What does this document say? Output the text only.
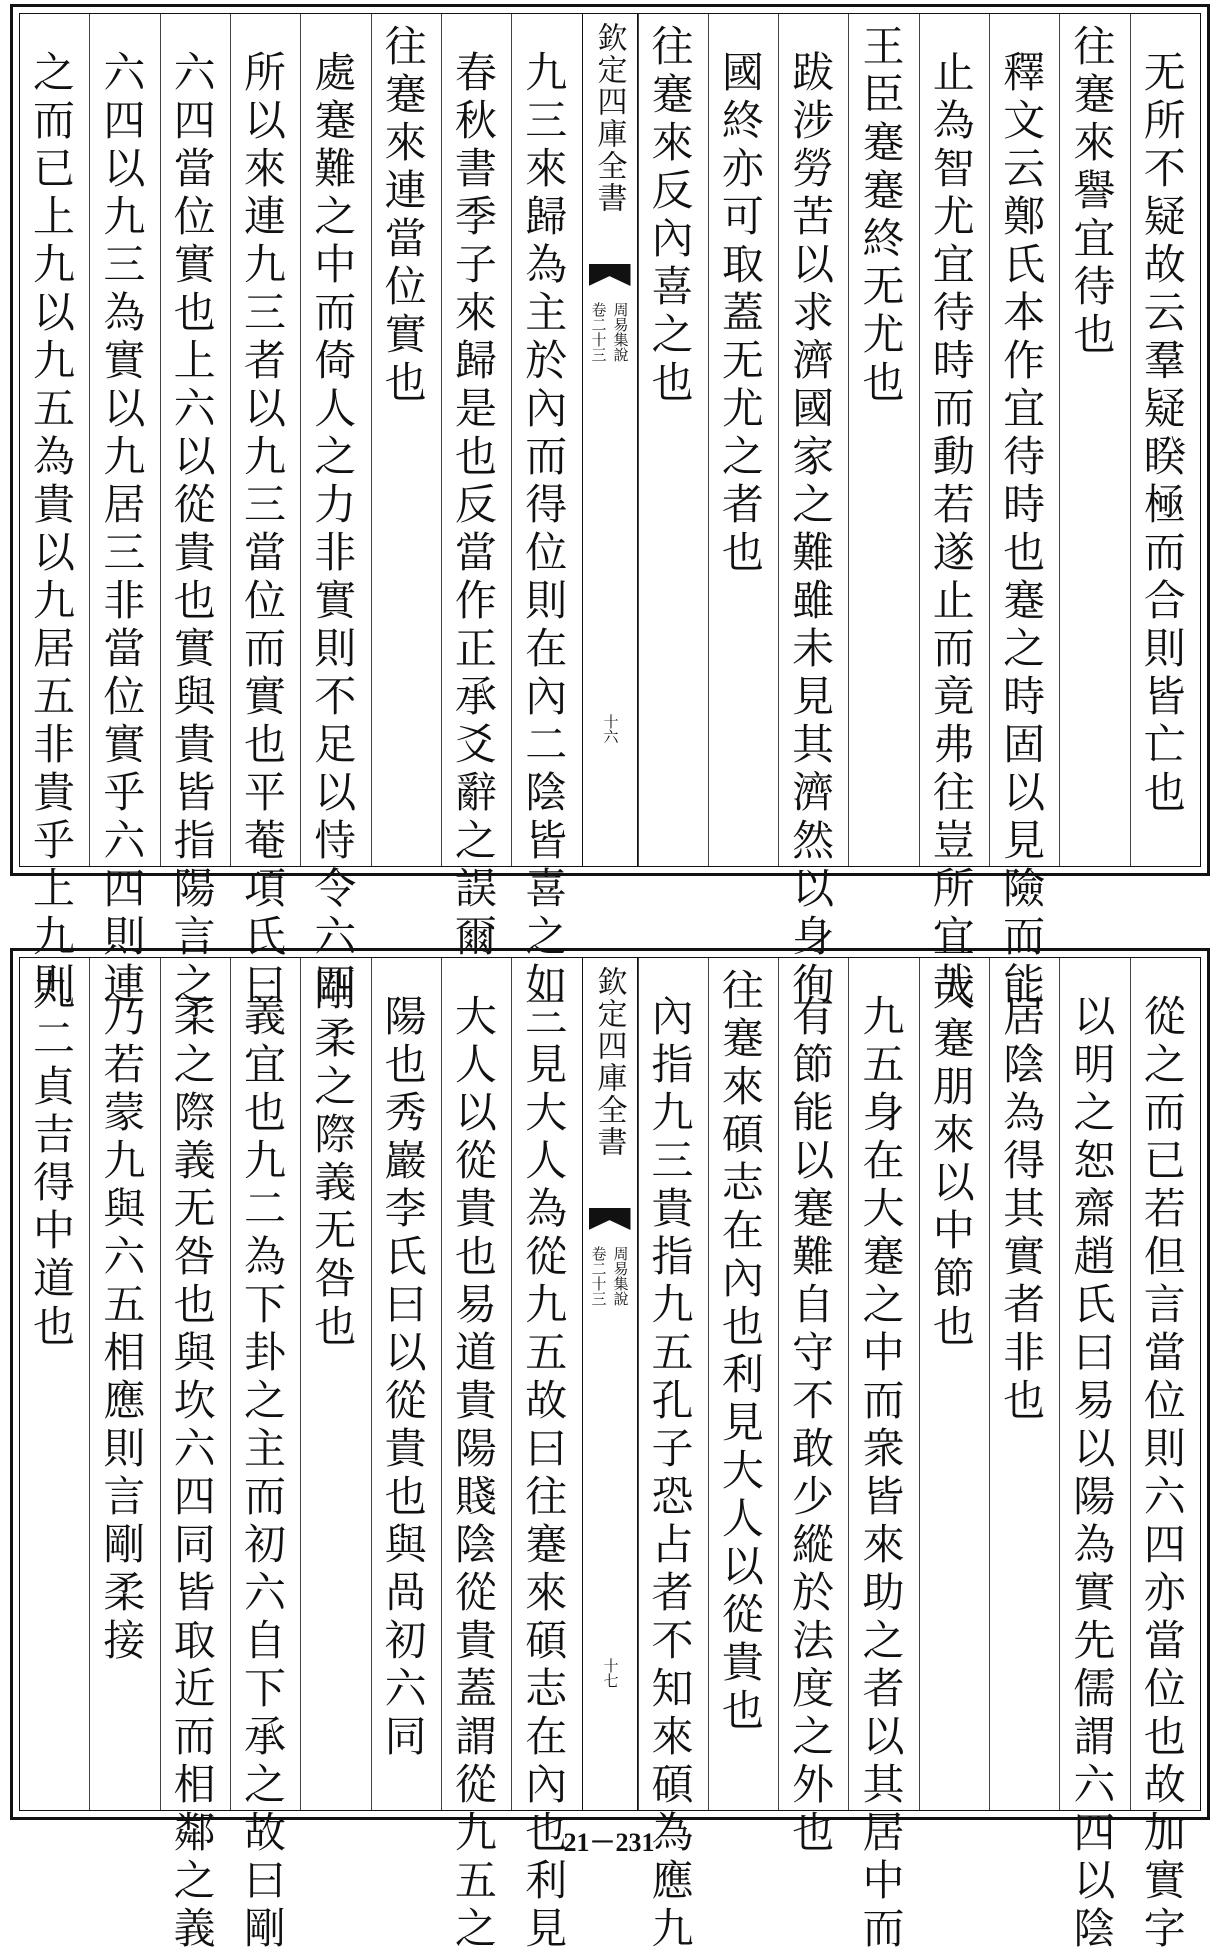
无所不疑故云羣疑睽極而合則皆亡也
往蹇來譽宜待也
釋文云鄭氏本作宜待時也蹇之時固以見險而能
止為智尤宜待時而動若遂止而竟弗往豈所宜哉
王臣蹇蹇終无尤也
跋涉勞苦以求濟國家之難雖未見其濟然以身徇
國終亦可取蓋无尤之者也
往蹇來反內喜之也
欽定四庫全書
周易集說
卷二十三
十六
九三來歸為主於內而得位則在內二陰皆喜之如
春秋書季子來歸是也反當作正承爻辭之誤爾
往蹇來連當位實也
處蹇難之中而倚人之力非實則不足以恃令六四
所以來連九三者以九三當位而實也平菴項氏曰
六四當位實也上六以從貴也實與貴皆指陽言之
六四以九三為實以九居三非當位實乎六四則連
之而已上九以九五為貴以九居五非貴乎上九則
從之而已若但言當位則六四亦當位也故加實字
以明之恕齋趙氏曰易以陽為實先儒謂六四以陰
居陰為得其實者非也
大蹇朋來以中節也
九五身在大蹇之中而衆皆來助之者以其居中而
有節能以蹇難自守不敢少縱於法度之外也
往蹇來碩志在內也利見大人以從貴也
內指九三貴指九五孔子恐占者不知來碩為應九
欽定四庫全書
周易集說
卷二十三
十七
三見大人為從九五故曰往蹇來碩志在內也利見
大人以從貴也易道貴陽賤陰從貴蓋謂從九五之
陽也秀巖李氏曰以從貴也與咼初六同
剛柔之際義无咎也
義宜也九二為下卦之主而初六自下承之故曰剛
柔之際義无咎也與坎六四同皆取近而相鄰之義
乃若蒙九與六五相應則言剛柔接
九二貞吉得中道也
21－231
